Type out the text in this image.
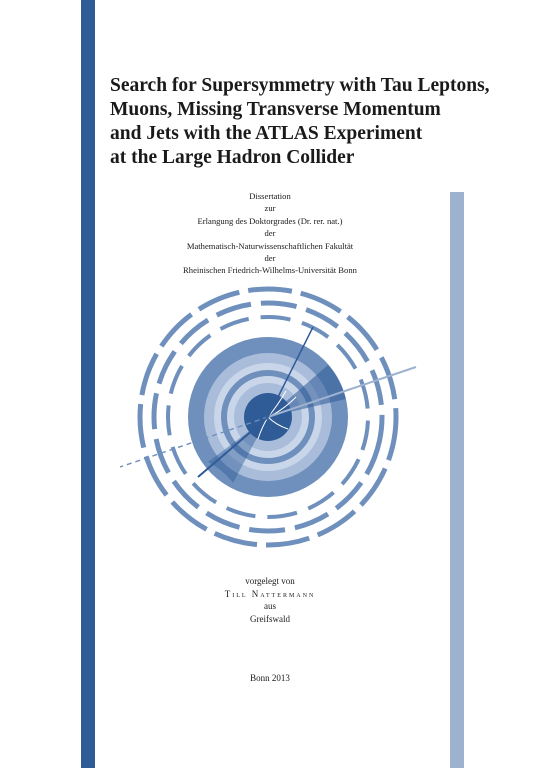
Search for Supersymmetry with Tau Leptons,
Muons, Missing Transverse Momentum
and Jets with the ATLAS Experiment
at the Large Hadron Collider
Dissertation
zur
Erlangung des Doktorgrades (Dr. rer. nat.)
der
Mathematisch-Naturwissenschaftlichen Fakultät
der
Rheinischen Friedrich-Wilhelms-Universität Bonn
vorgelegt von
Till Nattermann
aus
Greifswald
Bonn 2013
